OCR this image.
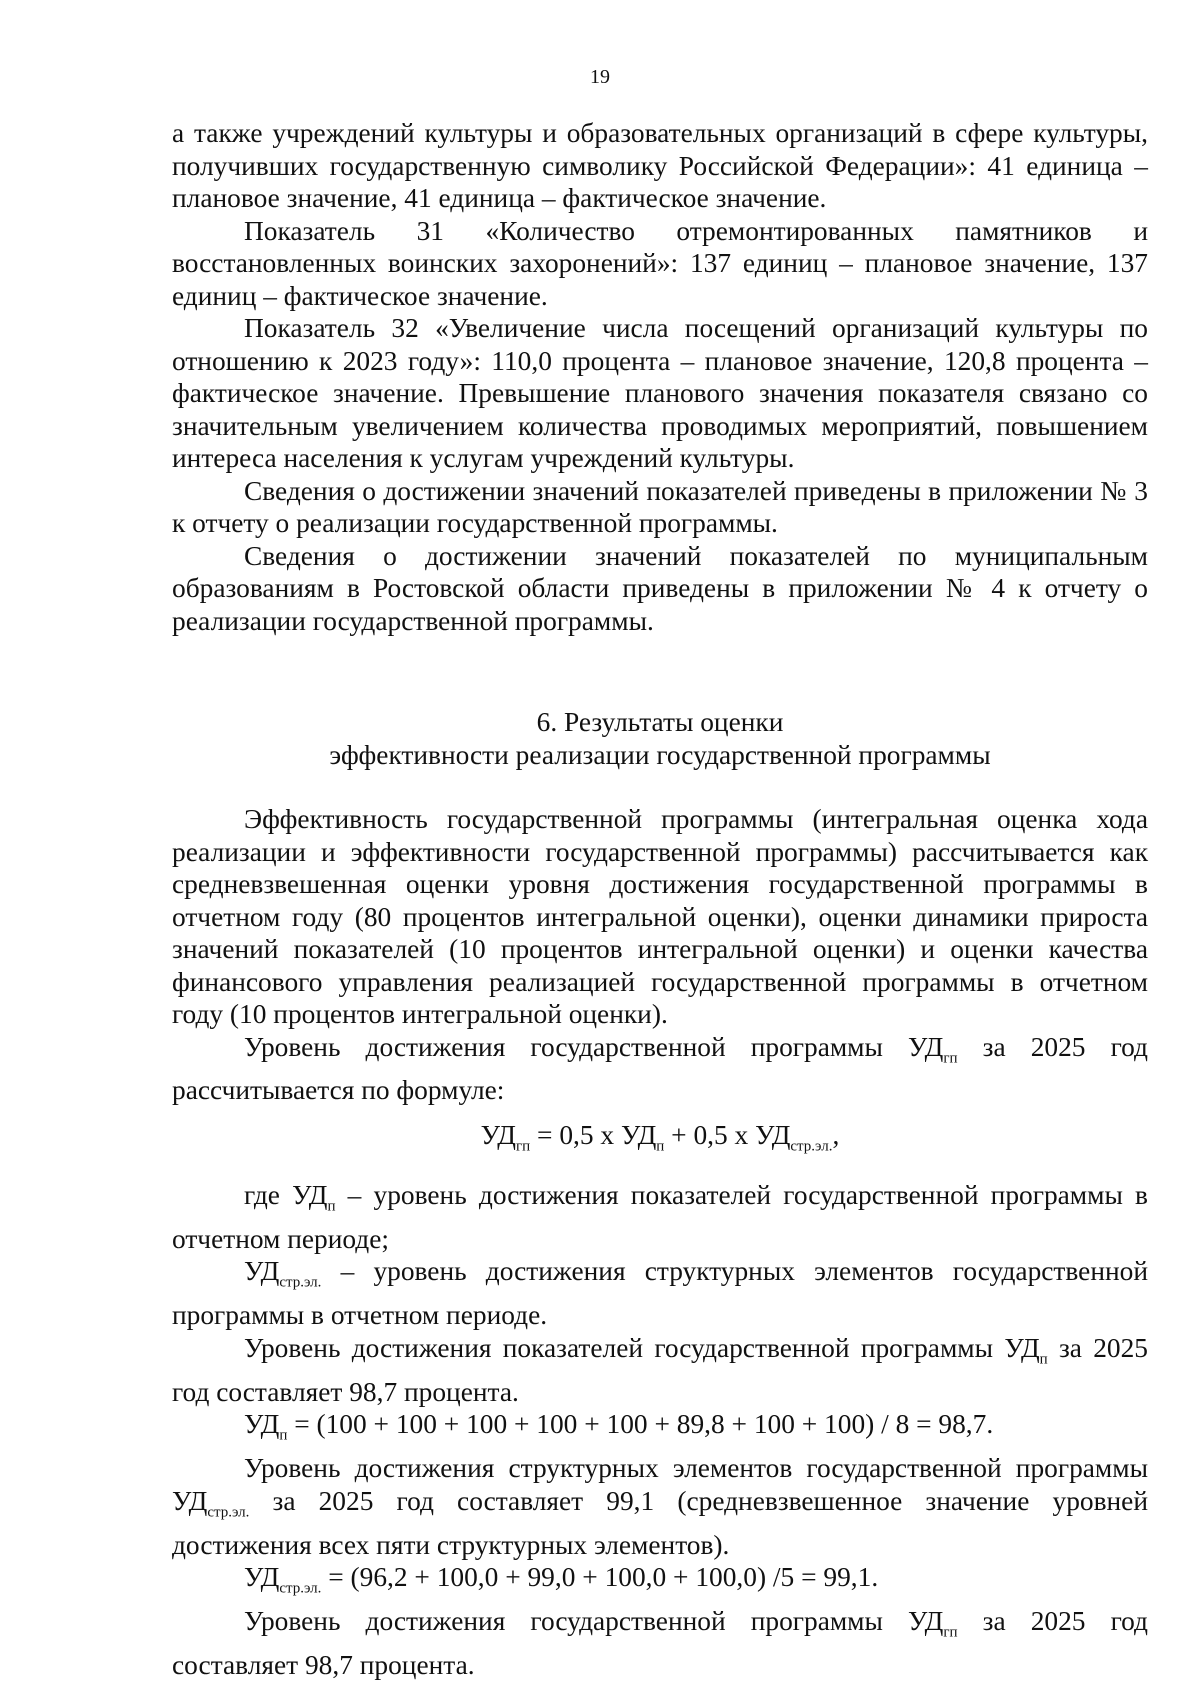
19

а также учреждений культуры и образовательных организаций в сфере культуры, получивших государственную символику Российской Федерации»: 41 единица – плановое значение, 41 единица – фактическое значение.

Показатель 31 «Количество отремонтированных памятников и восстановленных воинских захоронений»: 137 единиц – плановое значение, 137 единиц – фактическое значение.

Показатель 32 «Увеличение числа посещений организаций культуры по отношению к 2023 году»: 110,0 процента – плановое значение, 120,8 процента – фактическое значение. Превышение планового значения показателя связано со значительным увеличением количества проводимых мероприятий, повышением интереса населения к услугам учреждений культуры.

Сведения о достижении значений показателей приведены в приложении № 3 к отчету о реализации государственной программы.

Сведения о достижении значений показателей по муниципальным образованиям в Ростовской области приведены в приложении № 4 к отчету о реализации государственной программы.

6. Результаты оценки
эффективности реализации государственной программы

Эффективность государственной программы (интегральная оценка хода реализации и эффективности государственной программы) рассчитывается как средневзвешенная оценки уровня достижения государственной программы в отчетном году (80 процентов интегральной оценки), оценки динамики прироста значений показателей (10 процентов интегральной оценки) и оценки качества финансового управления реализацией государственной программы в отчетном году (10 процентов интегральной оценки).

Уровень достижения государственной программы $УД_{гп}$ за 2025 год рассчитывается по формуле:

$УД_{гп} = 0,5$ х $УД_п + 0,5$ х $УД_{стр.эл.}$,

где $УД_п$ – уровень достижения показателей государственной программы в отчетном периоде;

$УД_{стр.эл.}$ – уровень достижения структурных элементов государственной программы в отчетном периоде.

Уровень достижения показателей государственной программы $УД_п$ за 2025 год составляет 98,7 процента.

$УД_п = (100 + 100 + 100 + 100 + 100 + 89,8 + 100 + 100) / 8 = 98,7$.

Уровень достижения структурных элементов государственной программы $УД_{стр.эл.}$ за 2025 год составляет 99,1 (средневзвешенное значение уровней достижения всех пяти структурных элементов).

$УД_{стр.эл.} = (96,2 + 100,0 + 99,0 + 100,0 + 100,0) /5 = 99,1$.

Уровень достижения государственной программы $УД_{гп}$ за 2025 год составляет 98,7 процента.
